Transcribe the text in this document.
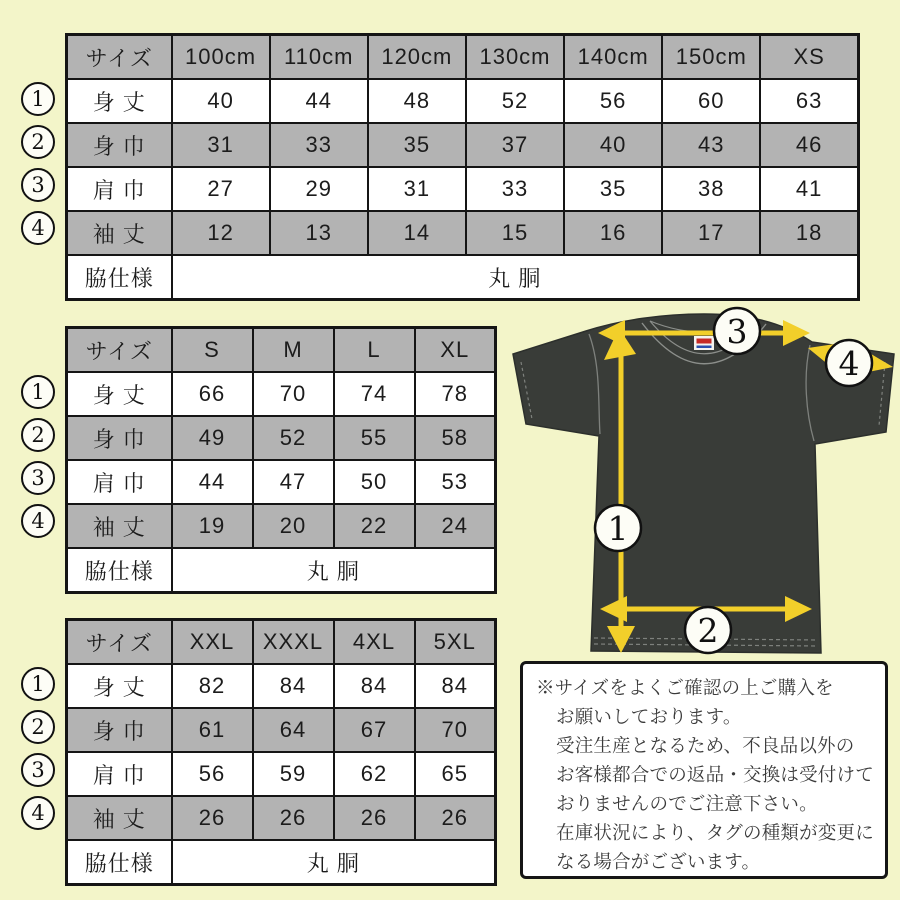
サイズ	100cm	110cm	120cm	130cm	140cm	150cm	XS
身 丈	40	44	48	52	56	60	63
身 巾	31	33	35	37	40	43	46
肩 巾	27	29	31	33	35	38	41
袖 丈	12	13	14	15	16	17	18
脇仕様	丸 胴						
サイズ	S	M	L	XL
身 丈	66	70	74	78
身 巾	49	52	55	58
肩 巾	44	47	50	53
袖 丈	19	20	22	24
脇仕様	丸 胴			
サイズ	XXL	XXXL	4XL	5XL
身 丈	82	84	84	84
身 巾	61	64	67	70
肩 巾	56	59	62	65
袖 丈	26	26	26	26
脇仕様	丸 胴			
1
2
3
4
※サイズをよくご確認の上ご購入を
お願いしております。
受注生産となるため、不良品以外の
お客様都合での返品・交換は受付けて
おりませんのでご注意下さい。
在庫状況により、タグの種類が変更に
なる場合がございます。
1
2
3
4
1
2
3
4
1
2
3
4
